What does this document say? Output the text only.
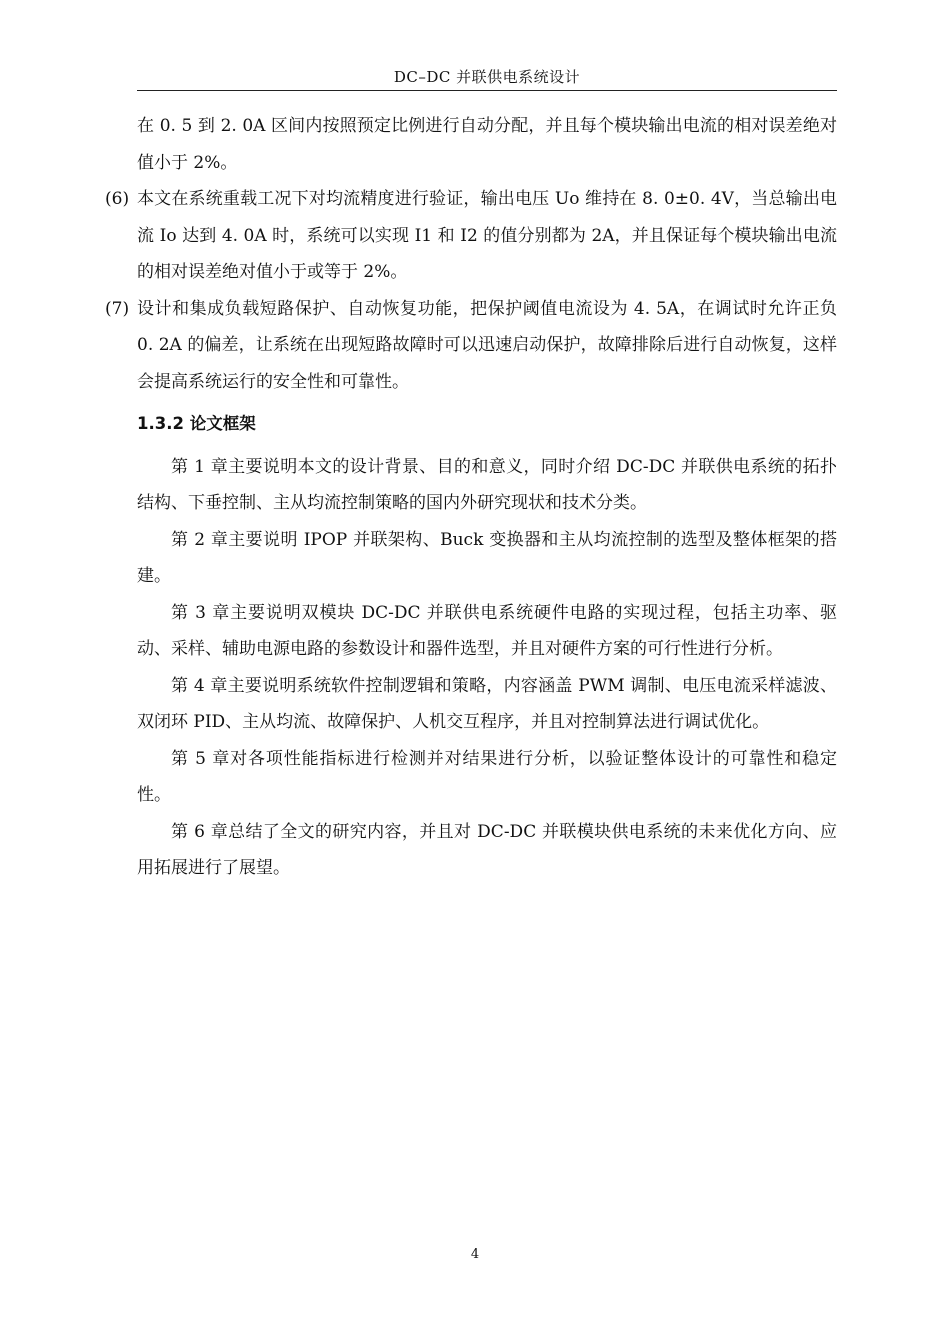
DC–DC 并联供电系统设计

在 0. 5 到 2. 0A 区间内按照预定比例进行自动分配，并且每个模块输出电流的相对误差绝对值小于 2%。

(6) 本文在系统重载工况下对均流精度进行验证，输出电压 Uo 维持在 8. 0±0. 4V，当总输出电流 Io 达到 4. 0A 时，系统可以实现 I1 和 I2 的值分别都为 2A，并且保证每个模块输出电流的相对误差绝对值小于或等于 2%。
(7) 设计和集成负载短路保护、自动恢复功能，把保护阈值电流设为 4. 5A，在调试时允许正负 0. 2A 的偏差，让系统在出现短路故障时可以迅速启动保护，故障排除后进行自动恢复，这样会提高系统运行的安全性和可靠性。
1.3.2 论文框架

第 1 章主要说明本文的设计背景、目的和意义，同时介绍 DC-DC 并联供电系统的拓扑结构、下垂控制、主从均流控制策略的国内外研究现状和技术分类。

第 2 章主要说明 IPOP 并联架构、Buck 变换器和主从均流控制的选型及整体框架的搭建。

第 3 章主要说明双模块 DC-DC 并联供电系统硬件电路的实现过程，包括主功率、驱动、采样、辅助电源电路的参数设计和器件选型，并且对硬件方案的可行性进行分析。

第 4 章主要说明系统软件控制逻辑和策略，内容涵盖 PWM 调制、电压电流采样滤波、双闭环 PID、主从均流、故障保护、人机交互程序，并且对控制算法进行调试优化。

第 5 章对各项性能指标进行检测并对结果进行分析，以验证整体设计的可靠性和稳定性。

第 6 章总结了全文的研究内容，并且对 DC-DC 并联模块供电系统的未来优化方向、应用拓展进行了展望。

4
